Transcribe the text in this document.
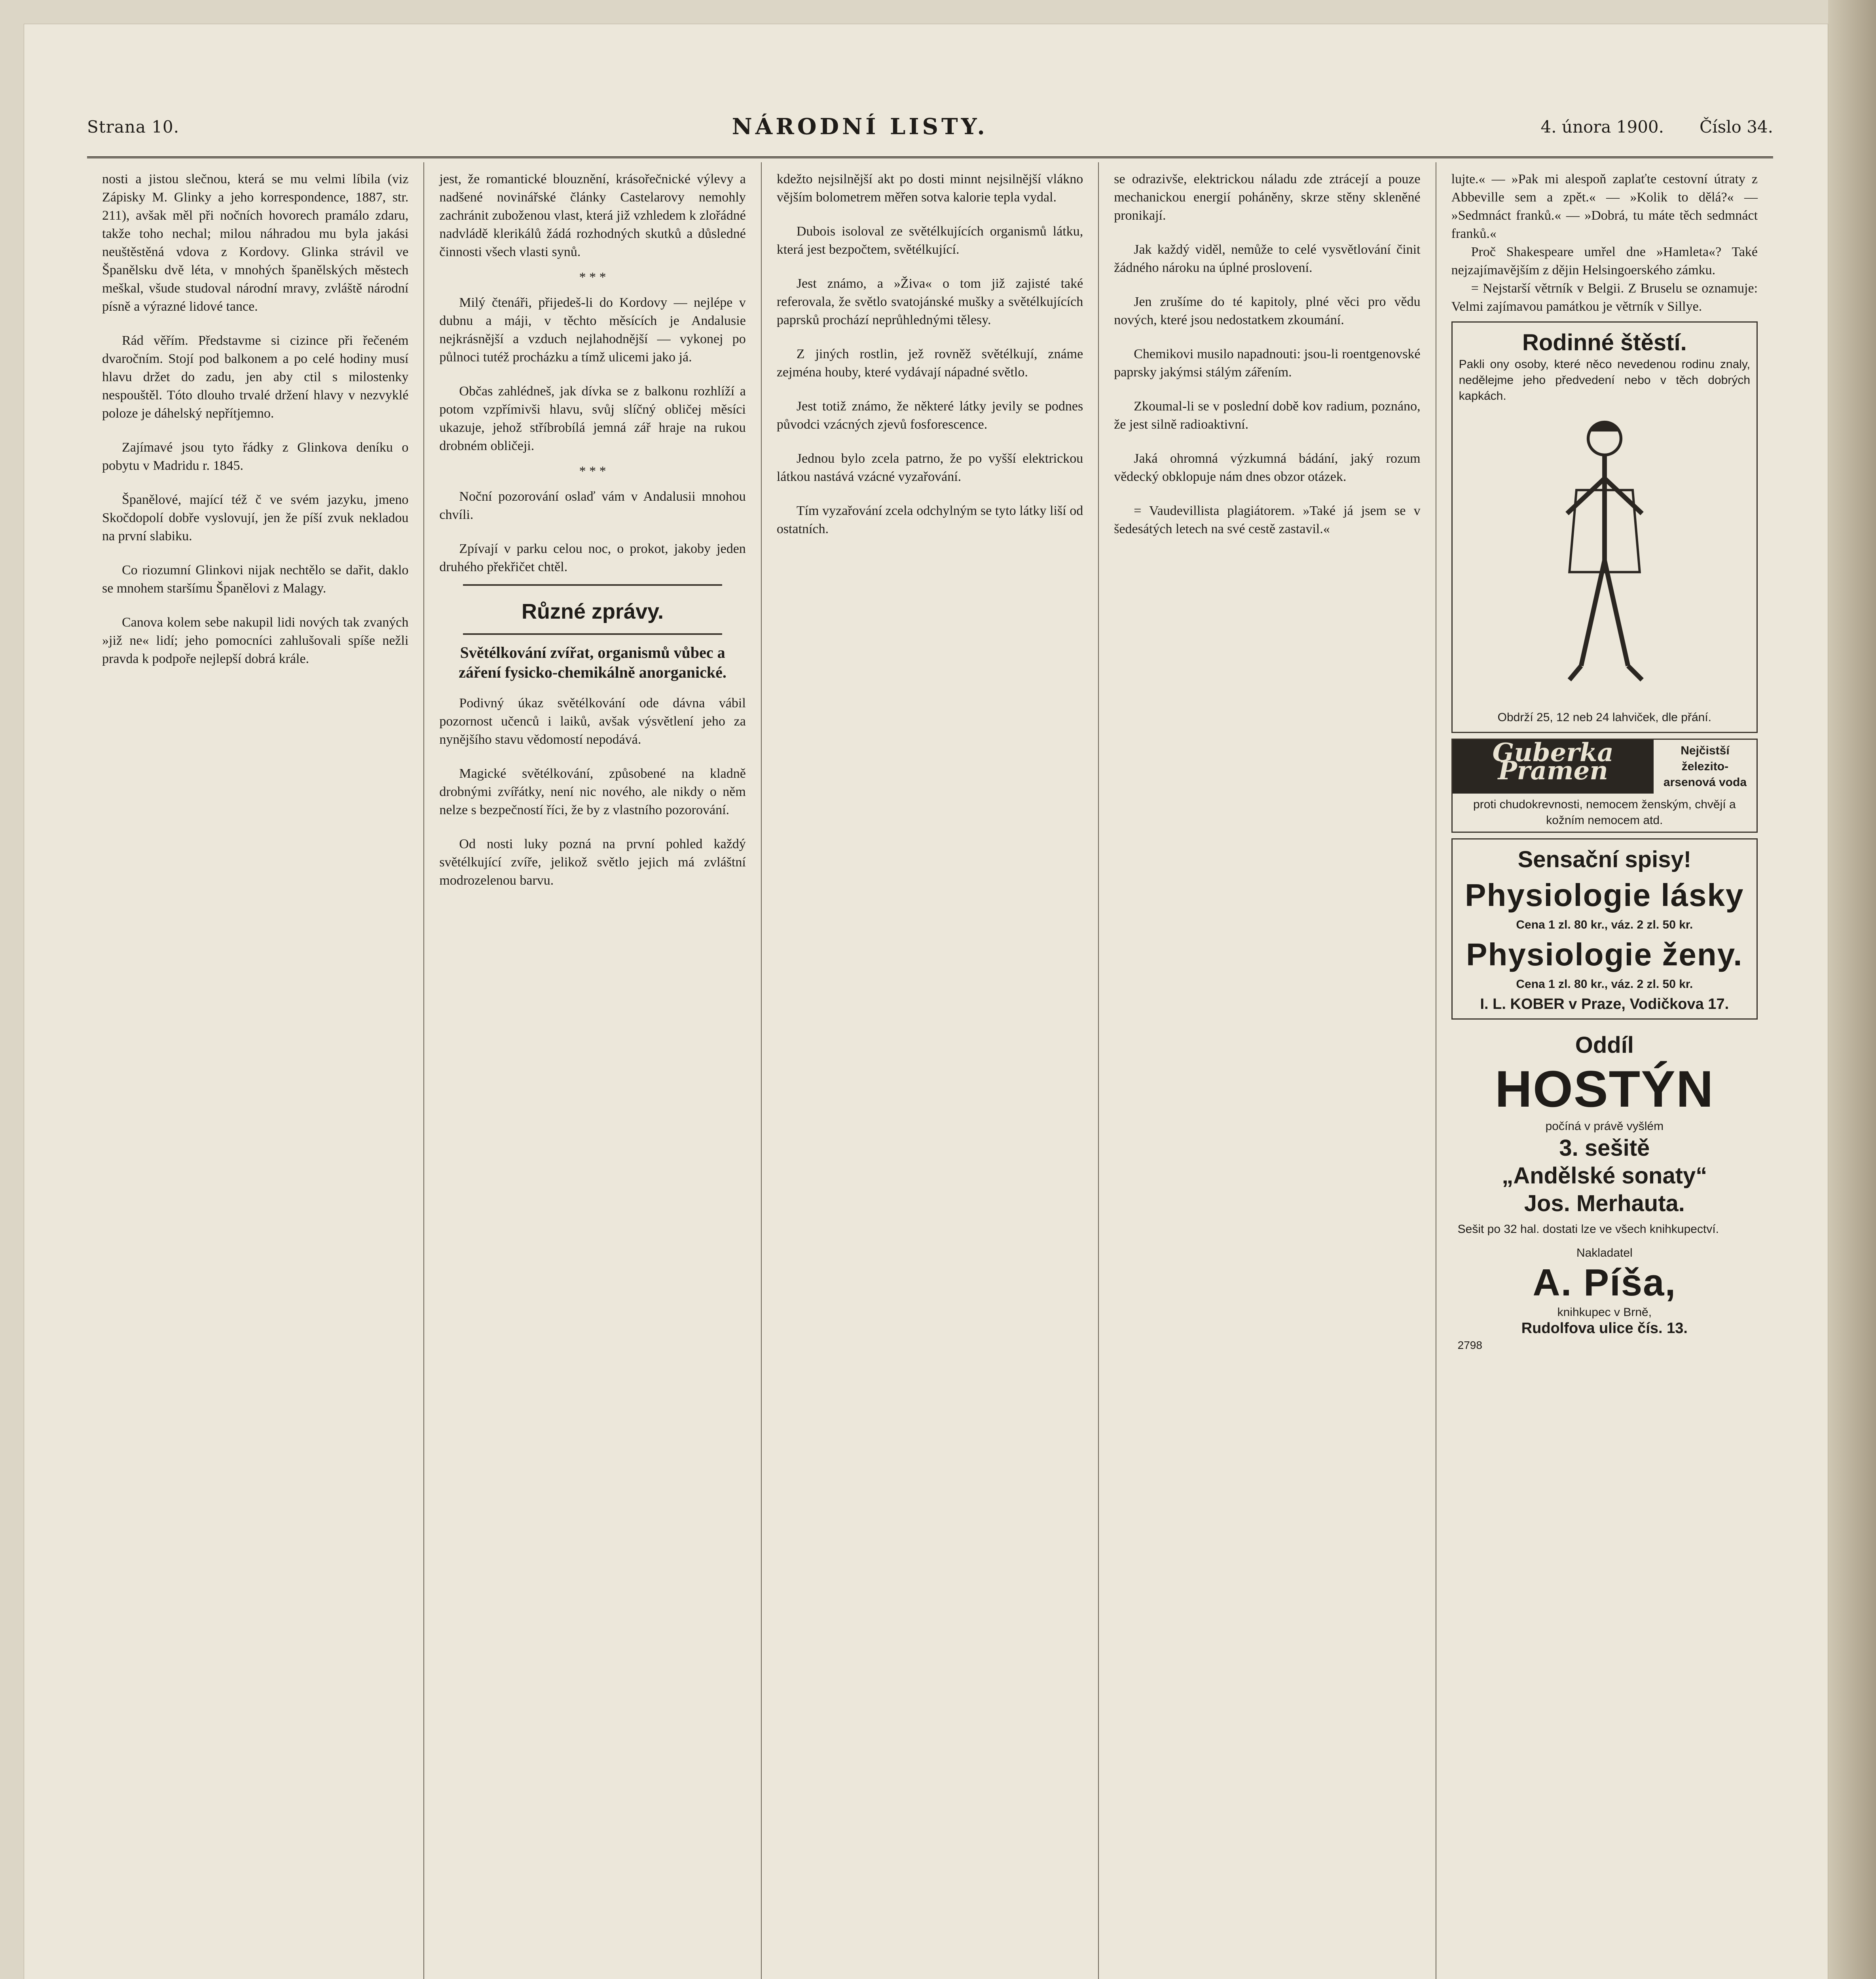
Strana 10.	NÁRODNÍ LISTY.	4. února 1900. Číslo 34.

nosti a jistou slečnou, která se mu velmi líbila (viz Zápisky M. Glinky a jeho korrespondence, 1887, str. 211), avšak měl při nočních hovorech pramálo zdaru, takže toho nechal; milou náhradou mu byla jakási neuštěstěná vdova z Kordovy. Glinka strávil ve Španělsku dvě léta, v mnohých španělských městech meškal, všude studoval národní mravy, zvláště národní písně a výrazné lidové tance.

Rád věřím. Představme si cizince při řečeném dvaročním. Stojí pod balkonem a po celé hodiny musí hlavu držet do zadu, jen aby ctil s milostenky nespouštěl. Tóto dlouho trvalé držení hlavy v nezvyklé poloze je dáhelský nepřítjemno.

Zajímavé jsou tyto řádky z Glinkova deníku o pobytu v Madridu r. 1845.

Španělové, mající též č ve svém jazyku, jmeno Skočdopolí dobře vyslovují, jen že píší zvuk nekladou na první slabiku.

Co riozumní Glinkovi nijak nechtělo se dařit, daklo se mnohem staršímu Španělovi z Malagy.

Canova kolem sebe nakupil lidi nových tak zvaných »již ne« lidí; jeho pomocníci zahlušovali spíše nežli pravda k podpoře nejlepší dobrá krále.

jest, že romantické blouznění, krásořečnické výlevy a nadšené novinářské články Castelarovy nemohly zachránit zuboženou vlast, která již vzhledem k zlořádné nadvládě klerikálů žádá rozhodných skutků a důsledné činnosti všech vlasti synů.

* * *

Milý čtenáři, přijedeš-li do Kordovy — nejlépe v dubnu a máji, v těchto měsících je Andalusie nejkrásnější a vzduch nejlahodnější — vykonej po půlnoci tutéž procházku a tímž ulicemi jako já.

Občas zahlédneš, jak dívka se z balkonu rozhlíží a potom vzpřímivši hlavu, svůj slíčný obličej měsíci ukazuje, jehož stříbrobílá jemná zář hraje na rukou drobném obličeji.

* * *

Noční pozorování oslaď vám v Andalusii mnohou chvíli.

Zpívají v parku celou noc, o prokot, jakoby jeden druhého překřičet chtěl.

Různé zprávy.
Světélkování zvířat, organismů vůbec a záření fysicko-chemikálně anorganické.

Podivný úkaz světélkování ode dávna vábil pozornost učenců i laiků, avšak výsvětlení jeho za nynějšího stavu vědomostí nepodává.

Magické světélkování, způsobené na kladně drobnými zvířátky, není nic nového, ale nikdy o něm nelze s bezpečností říci, že by z vlastního pozorování.

Od nosti luky pozná na první pohled každý světélkující zvíře, jelikož světlo jejich má zvláštní modrozelenou barvu.

kdežto nejsilnější akt po dosti minnt nejsilnější vlákno vějším bolometrem měřen sotva kalorie tepla vydal.

Dubois isoloval ze světélkujících organismů látku, která jest bezpočtem, světélkující.

Jest známo, a »Živa« o tom již zajisté také referovala, že světlo svatojánské mušky a světélkujících paprsků prochází neprůhlednými tělesy.

Z jiných rostlin, jež rovněž světélkují, známe zejména houby, které vydávají nápadné světlo.

Jest totiž známo, že některé látky jevily se podnes původci vzácných zjevů fosforescence.

Jednou bylo zcela patrno, že po vyšší elektrickou látkou nastává vzácné vyzařování.

Tím vyzařování zcela odchylným se tyto látky liší od ostatních.

se odrazivše, elektrickou náladu zde ztrácejí a pouze mechanickou energií poháněny, skrze stěny skleněné pronikají.

Jak každý viděl, nemůže to celé vysvětlování činit žádného nároku na úplné proslovení.

Jen zrušíme do té kapitoly, plné věci pro vědu nových, které jsou nedostatkem zkoumání.

Chemikovi musilo napadnouti: jsou-li roentgenovské paprsky jakýmsi stálým zářením.

Zkoumal-li se v poslední době kov radium, poznáno, že jest silně radioaktivní.

Jaká ohromná výzkumná bádání, jaký rozum vědecký obklopuje nám dnes obzor otázek.

= Vaudevillista plagiátorem. »Také já jsem se v šedesátých letech na své cestě zastavil.«

lujte.« — »Pak mi alespoň zaplaťte cestovní útraty z Abbeville sem a zpět.« — »Kolik to dělá?« — »Sedmnáct franků.« — »Dobrá, tu máte těch sedmnáct franků.«

Proč Shakespeare umřel dne »Hamleta«? Také nejzajímavějším z dějin Helsingoerského zámku.

= Nejstarší větrník v Belgii. Z Bruselu se oznamuje: Velmi zajímavou památkou je větrník v Sillye.

Rodinné štěstí.

Pakli ony osoby, které něco nevedenou rodinu znaly, nedělejme jeho předvedení nebo v těch dobrých kapkách.

Obdrží 25, 12 neb 24 lahviček, dle přání.

Guberka Pramen
Nejčistší železito-arsenová voda
proti chudokrevnosti, nemocem ženským, chvějí a kožním nemocem atd.
Sensační spisy!
Physiologie lásky
Cena 1 zl. 80 kr., váz. 2 zl. 50 kr.
Physiologie ženy.
Cena 1 zl. 80 kr., váz. 2 zl. 50 kr.
I. L. KOBER v Praze, Vodičkova 17.
Oddíl
HOSTÝN
počíná v právě vyšlém
3. sešitě
„Andělské sonaty“
Jos. Merhauta.
Sešit po 32 hal. dostati lze ve všech knihkupectví.
Nakladatel
A. Píša,
knihkupec v Brně,
Rudolfova ulice čís. 13.
2798
